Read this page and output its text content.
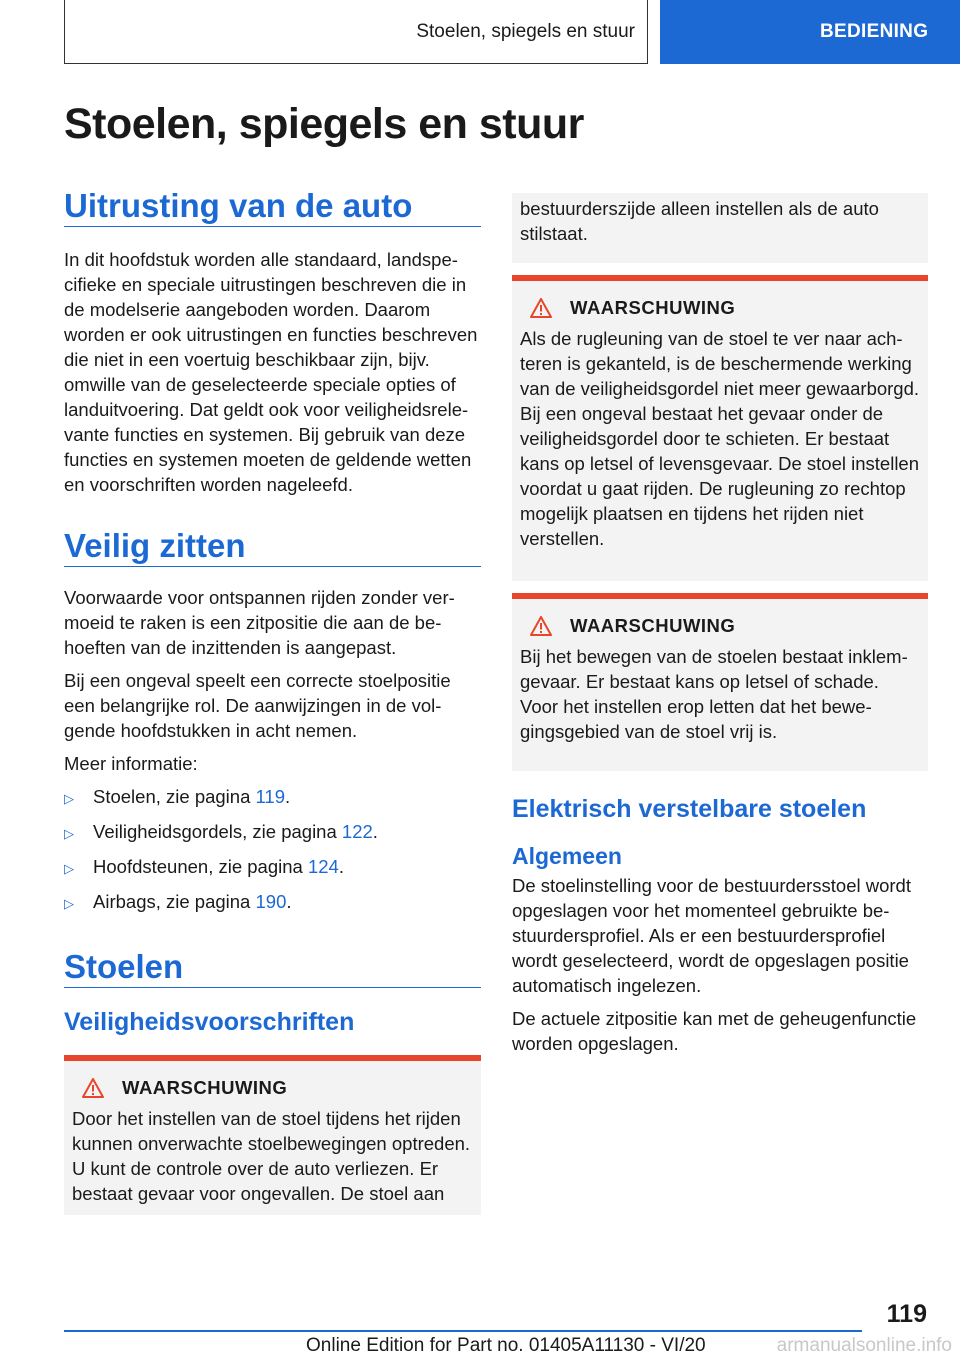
Stoelen, spiegels en stuur	BEDIENING
Stoelen, spiegels en stuur
Uitrusting van de auto

In dit hoofdstuk worden alle standaard, landspecifieke en speciale uitrustingen beschreven die in de modelserie aangeboden worden. Daarom worden er ook uitrustingen en functies beschreven die niet in een voertuig beschikbaar zijn, bijv. omwille van de geselecteerde speciale opties of landuitvoering. Dat geldt ook voor veiligheidsrelevante functies en systemen. Bij gebruik van deze functies en systemen moeten de geldende wetten en voorschriften worden nageleefd.

Veilig zitten

Voorwaarde voor ontspannen rijden zonder vermoeid te raken is een zitpositie die aan de behoeften van de inzittenden is aangepast.

Bij een ongeval speelt een correcte stoelpositie een belangrijke rol. De aanwijzingen in de volgende hoofdstukken in acht nemen.

Meer informatie:

▷	Stoelen, zie pagina 119.
▷	Veiligheidsgordels, zie pagina 122.
▷	Hoofdsteunen, zie pagina 124.
▷	Airbags, zie pagina 190.
Stoelen
Veiligheidsvoorschriften
WAARSCHUWING
Door het instellen van de stoel tijdens het rijden kunnen onverwachte stoelbewegingen optreden. U kunt de controle over de auto verliezen. Er bestaat gevaar voor ongevallen. De stoel aan
bestuurderszijde alleen instellen als de auto stilstaat.
WAARSCHUWING
Als de rugleuning van de stoel te ver naar achteren is gekanteld, is de beschermende werking van de veiligheidsgordel niet meer gewaarborgd. Bij een ongeval bestaat het gevaar onder de veiligheidsgordel door te schieten. Er bestaat kans op letsel of levensgevaar. De stoel instellen voordat u gaat rijden. De rugleuning zo rechtop mogelijk plaatsen en tijdens het rijden niet verstellen.
WAARSCHUWING
Bij het bewegen van de stoelen bestaat inklemgevaar. Er bestaat kans op letsel of schade. Voor het instellen erop letten dat het bewegingsgebied van de stoel vrij is.
Elektrisch verstelbare stoelen
Algemeen

De stoelinstelling voor de bestuurdersstoel wordt opgeslagen voor het momenteel gebruikte bestuurdersprofiel. Als er een bestuurdersprofiel wordt geselecteerd, wordt de opgeslagen positie automatisch ingelezen.

De actuele zitpositie kan met de geheugenfunctie worden opgeslagen.

119
Online Edition for Part no. 01405A11130 - VI/20	armanualsonline.info
